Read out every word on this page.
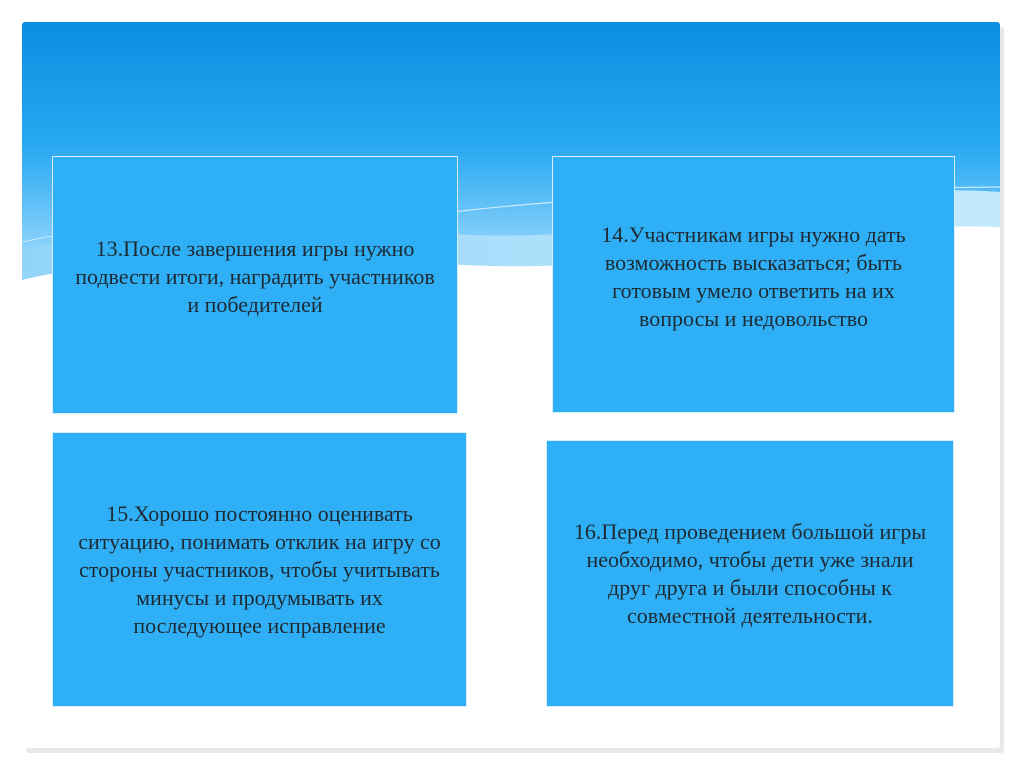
13.После завершения игры нужно подвести итоги, наградить участников и победителей
14.Участникам игры нужно дать возможность высказаться; быть готовым умело ответить на их вопросы и недовольство
15.Хорошо постоянно оценивать ситуацию, понимать отклик на игру со стороны участников, чтобы учитывать минусы и продумывать их последующее исправление
16.Перед проведением большой игры необходимо, чтобы дети уже знали друг друга и были способны к совместной деятельности.
